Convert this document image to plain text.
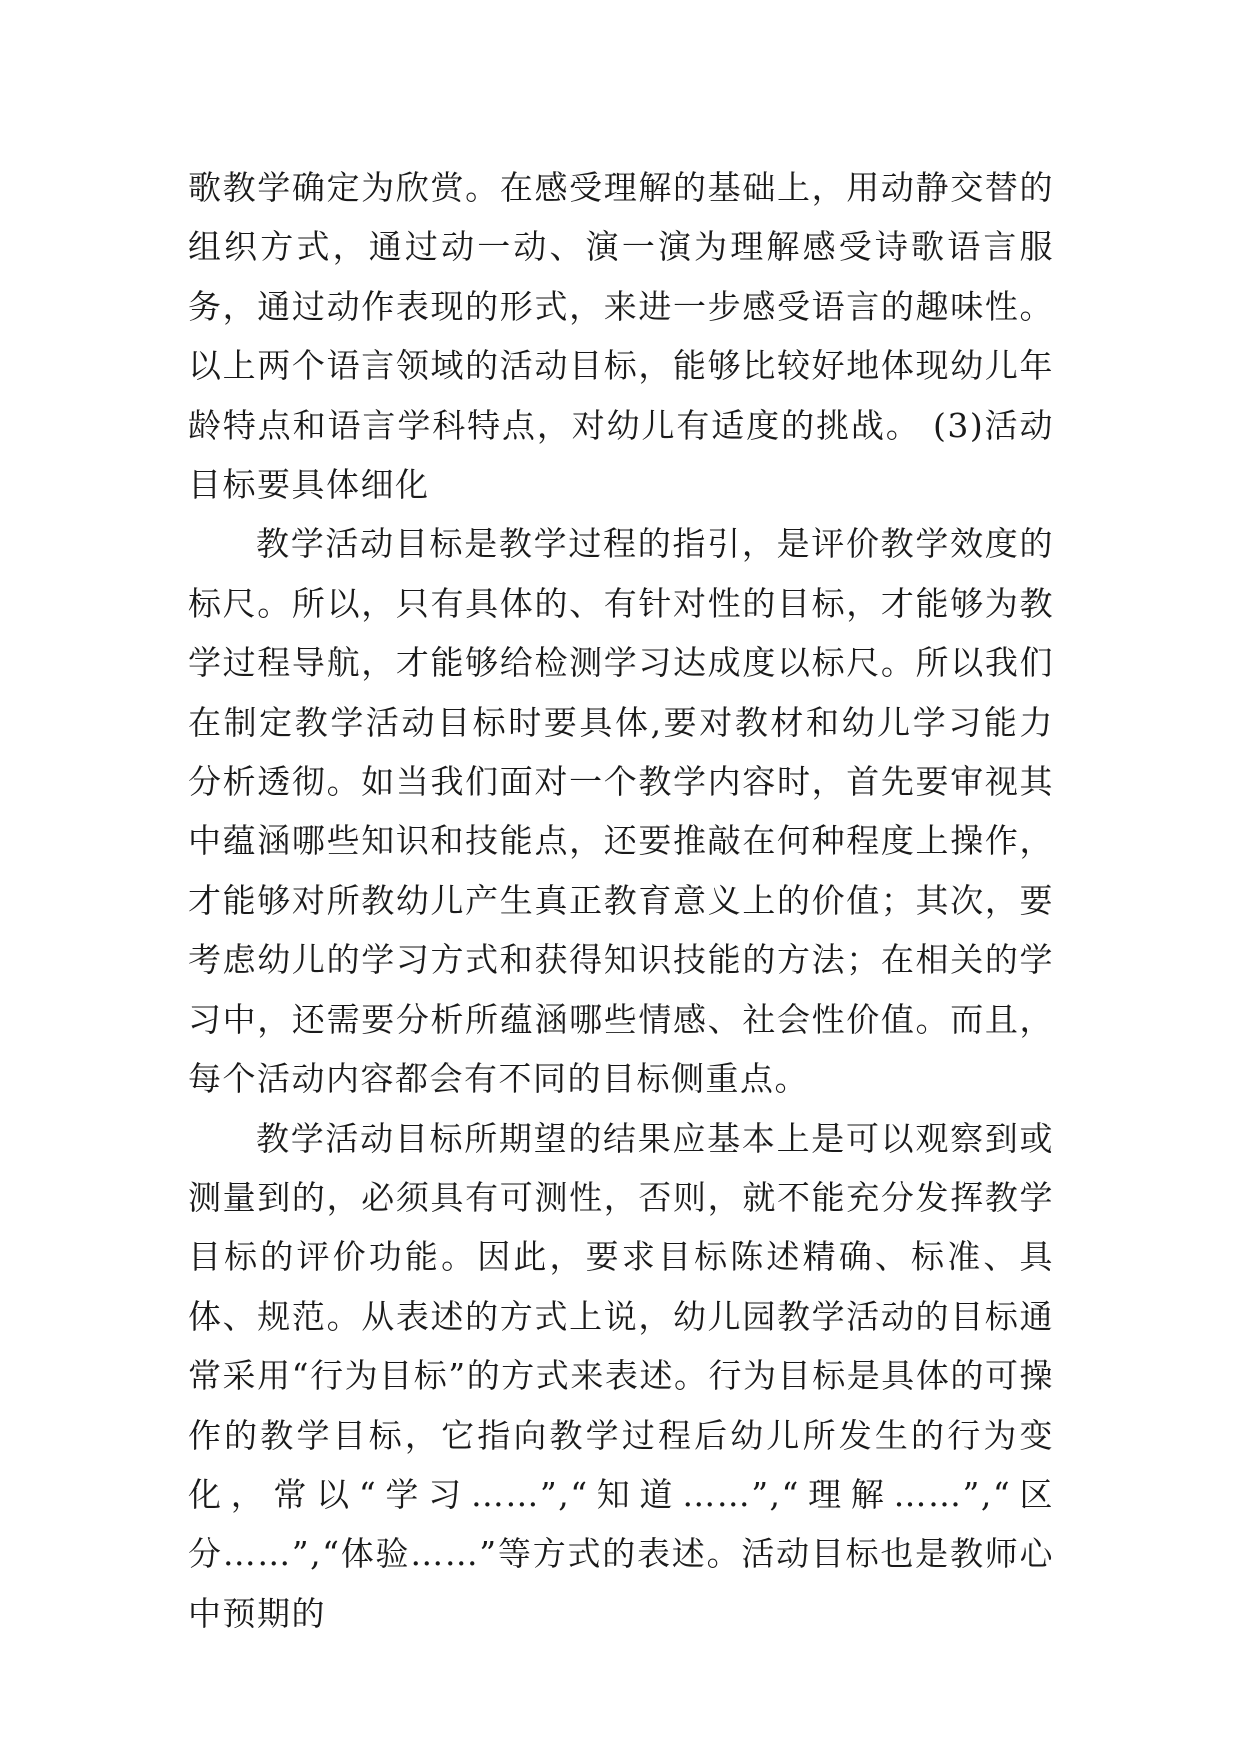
歌教学确定为欣赏。在感受理解的基础上，用动静交替的组织方式，通过动一动、演一演为理解感受诗歌语言服务，通过动作表现的形式，来进一步感受语言的趣味性。以上两个语言领域的活动目标，能够比较好地体现幼儿年龄特点和语言学科特点，对幼儿有适度的挑战。 (3)活动目标要具体细化

教学活动目标是教学过程的指引，是评价教学效度的标尺。所以，只有具体的、有针对性的目标，才能够为教学过程导航，才能够给检测学习达成度以标尺。所以我们在制定教学活动目标时要具体,要对教材和幼儿学习能力分析透彻。如当我们面对一个教学内容时，首先要审视其中蕴涵哪些知识和技能点，还要推敲在何种程度上操作，才能够对所教幼儿产生真正教育意义上的价值；其次，要考虑幼儿的学习方式和获得知识技能的方法；在相关的学习中，还需要分析所蕴涵哪些情感、社会性价值。而且，每个活动内容都会有不同的目标侧重点。

教学活动目标所期望的结果应基本上是可以观察到或测量到的，必须具有可测性，否则，就不能充分发挥教学目标的评价功能。因此，要求目标陈述精确、标准、具体、规范。从表述的方式上说，幼儿园教学活动的目标通常采用“行为目标”的方式来表述。行为目标是具体的可操作的教学目标，它指向教学过程后幼儿所发生的行为变化，常以“学习……”,“知道……”,“理解……”,“区分……”,“体验……”等方式的表述。活动目标也是教师心中预期的
